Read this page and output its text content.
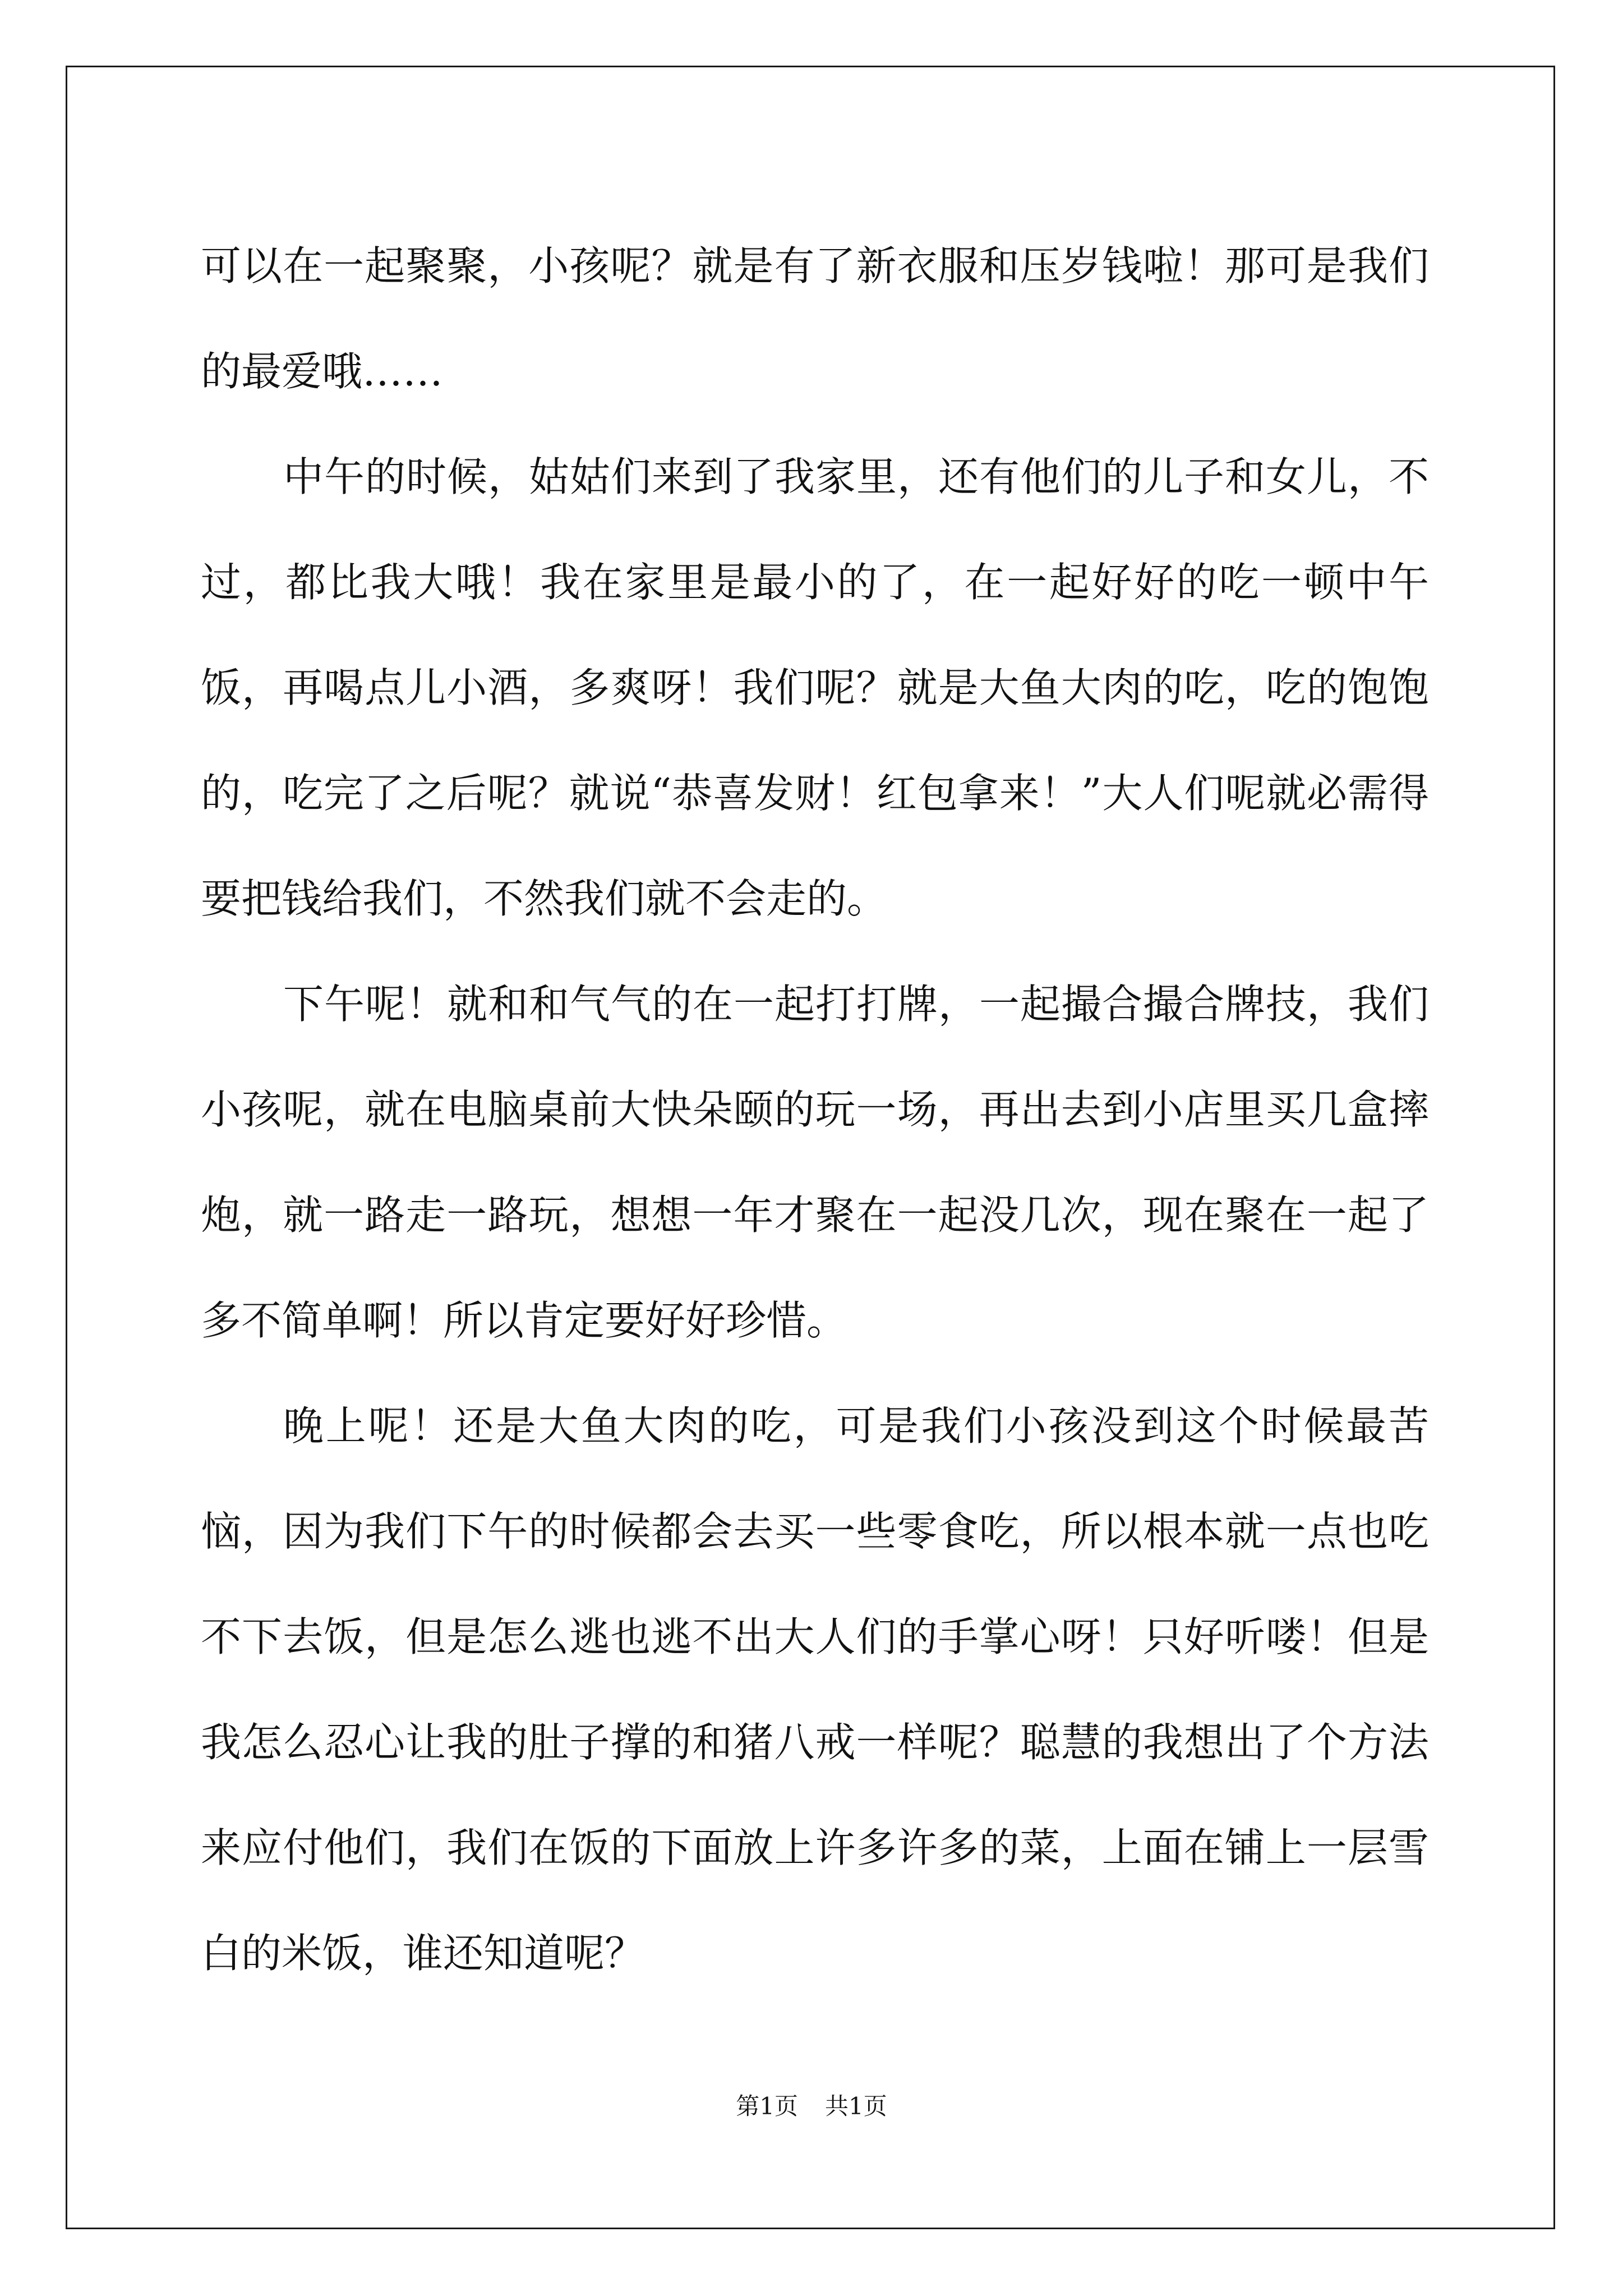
可以在一起聚聚，小孩呢？就是有了新衣服和压岁钱啦！那可是我们的最爱哦……

中午的时候，姑姑们来到了我家里，还有他们的儿子和女儿，不过，都比我大哦！我在家里是最小的了，在一起好好的吃一顿中午饭，再喝点儿小酒，多爽呀！我们呢？就是大鱼大肉的吃，吃的饱饱的，吃完了之后呢？就说“恭喜发财！红包拿来！”大人们呢就必需得要把钱给我们，不然我们就不会走的。

下午呢！就和和气气的在一起打打牌，一起撮合撮合牌技，我们小孩呢，就在电脑桌前大快朵颐的玩一场，再出去到小店里买几盒摔炮，就一路走一路玩，想想一年才聚在一起没几次，现在聚在一起了多不简单啊！所以肯定要好好珍惜。

晚上呢！还是大鱼大肉的吃，可是我们小孩没到这个时候最苦恼，因为我们下午的时候都会去买一些零食吃，所以根本就一点也吃不下去饭，但是怎么逃也逃不出大人们的手掌心呀！只好听喽！但是我怎么忍心让我的肚子撑的和猪八戒一样呢？聪慧的我想出了个方法来应付他们，我们在饭的下面放上许多许多的菜，上面在铺上一层雪白的米饭，谁还知道呢？

第1页 共1页
